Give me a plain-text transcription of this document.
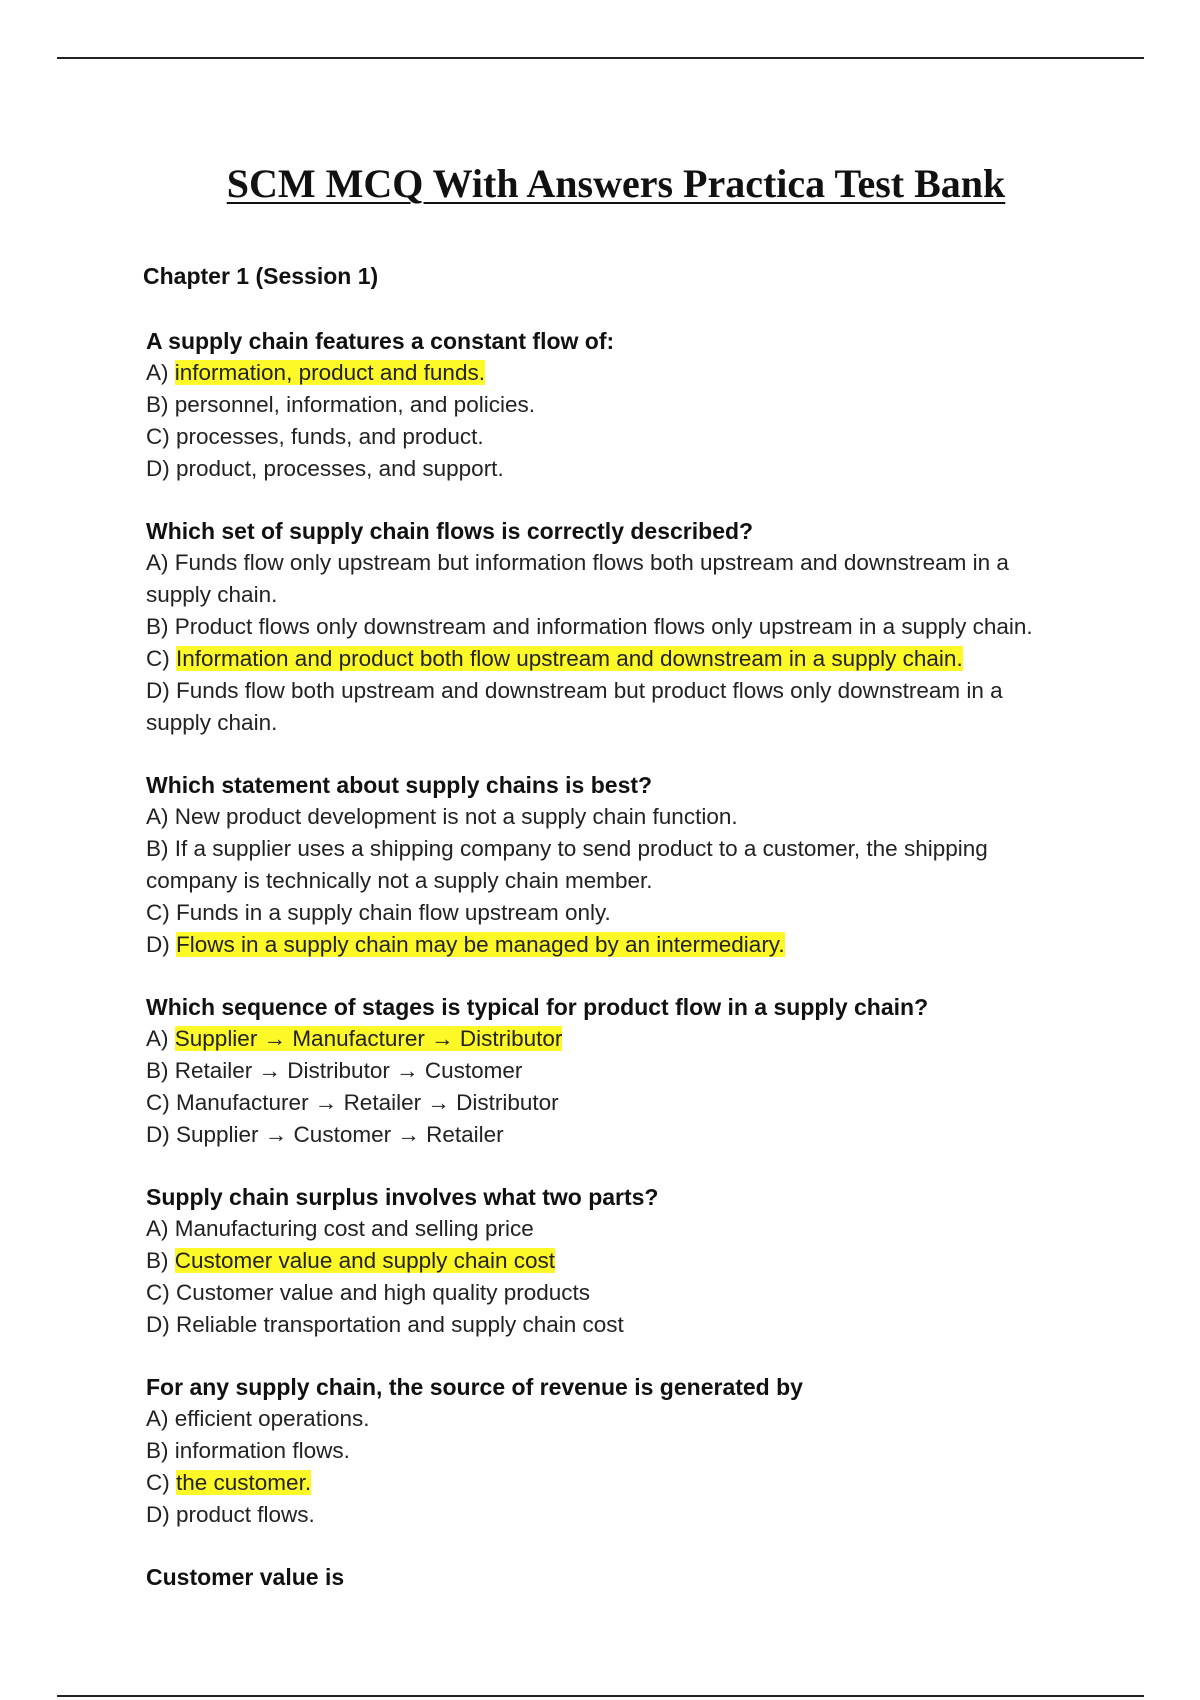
SCM MCQ With Answers Practica Test Bank
Chapter 1 (Session 1)
A supply chain features a constant flow of:
A) information, product and funds.
B) personnel, information, and policies.
C) processes, funds, and product.
D) product, processes, and support.
Which set of supply chain flows is correctly described?
A) Funds flow only upstream but information flows both upstream and downstream in a supply chain.
B) Product flows only downstream and information flows only upstream in a supply chain.
C) Information and product both flow upstream and downstream in a supply chain.
D) Funds flow both upstream and downstream but product flows only downstream in a supply chain.
Which statement about supply chains is best?
A) New product development is not a supply chain function.
B) If a supplier uses a shipping company to send product to a customer, the shipping company is technically not a supply chain member.
C) Funds in a supply chain flow upstream only.
D) Flows in a supply chain may be managed by an intermediary.
Which sequence of stages is typical for product flow in a supply chain?
A) Supplier → Manufacturer → Distributor
B) Retailer → Distributor → Customer
C) Manufacturer → Retailer → Distributor
D) Supplier → Customer → Retailer
Supply chain surplus involves what two parts?
A) Manufacturing cost and selling price
B) Customer value and supply chain cost
C) Customer value and high quality products
D) Reliable transportation and supply chain cost
For any supply chain, the source of revenue is generated by
A) efficient operations.
B) information flows.
C) the customer.
D) product flows.
Customer value is
